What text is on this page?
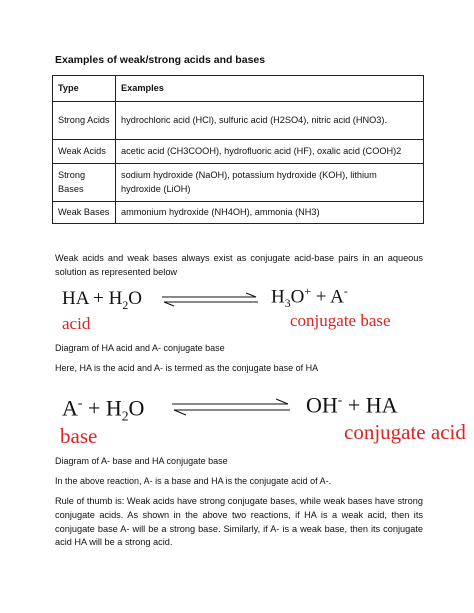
Examples of weak/strong acids and bases
Type	Examples
Strong Acids	hydrochloric acid (HCl), sulfuric acid (H2SO4), nitric acid (HNO3).
Weak Acids	acetic acid (CH3COOH), hydrofluoric acid (HF), oxalic acid (COOH)2
Strong Bases	sodium hydroxide (NaOH), potassium hydroxide (KOH), lithium hydroxide (LiOH)
Weak Bases	ammonium hydroxide (NH4OH), ammonia (NH3)
Weak acids and weak bases always exist as conjugate acid-base pairs in an aqueous solution as represented below
HA + $H_2O$	$H_3O^+ + A^-$
acid	conjugate base
Diagram of HA acid and A- conjugate base
Here, HA is the acid and A- is termed as the conjugate base of HA
$A^- + H_2O$	OH- + HA
base	conjugate acid
Diagram of A- base and HA conjugate base
In the above reaction, A- is a base and HA is the conjugate acid of A-.
Rule of thumb is: Weak acids have strong conjugate bases, while weak bases have strong conjugate acids. As shown in the above two reactions, if HA is a weak acid, then its conjugate base A- will be a strong base. Similarly, if A- is a weak base, then its conjugate acid HA will be a strong acid.
